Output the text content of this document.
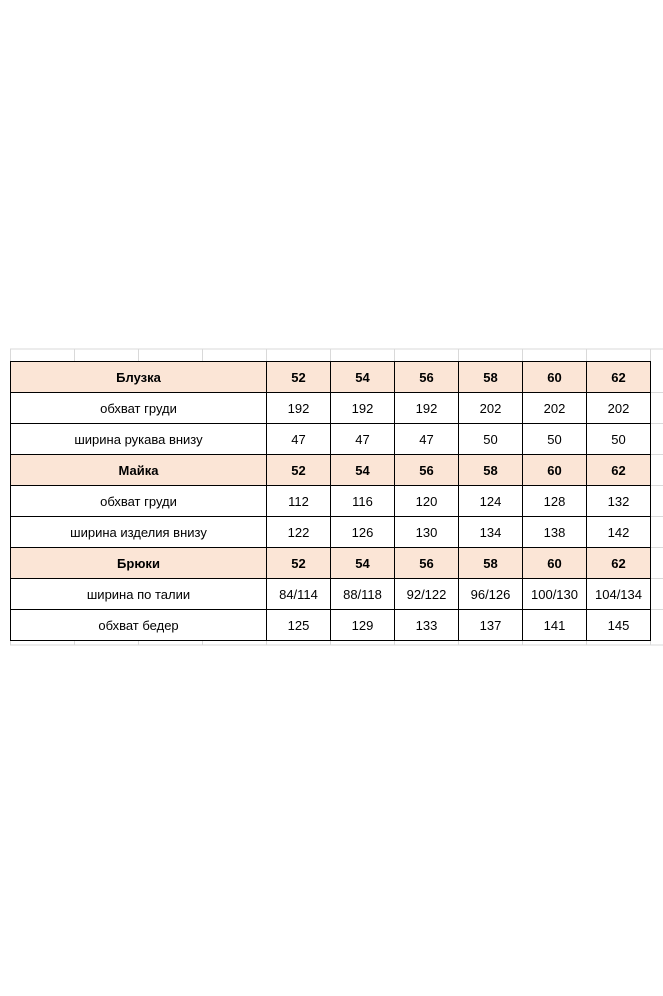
Блузка	52	54	56	58	60	62
обхват груди	192	192	192	202	202	202
ширина рукава внизу	47	47	47	50	50	50
Майка	52	54	56	58	60	62
обхват груди	112	116	120	124	128	132
ширина изделия внизу	122	126	130	134	138	142
Брюки	52	54	56	58	60	62
ширина по талии	84/114	88/118	92/122	96/126	100/130	104/134
обхват бедер	125	129	133	137	141	145
